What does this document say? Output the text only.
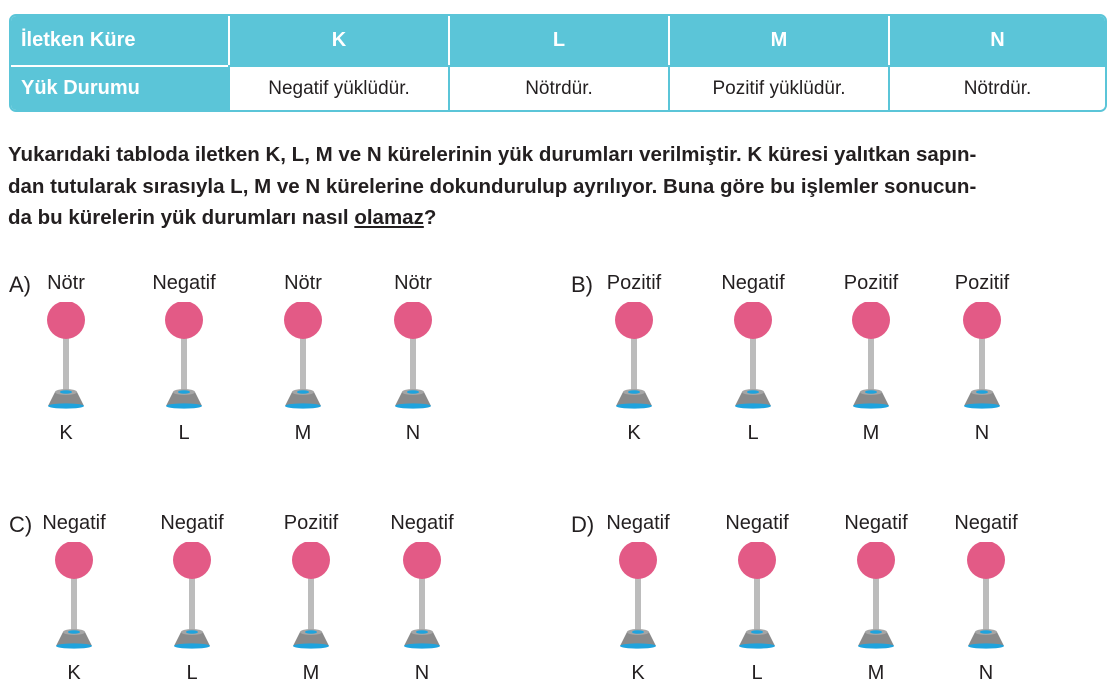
İletken Küre	K	L	M	N
Yük Durumu	Negatif yüklüdür.	Nötrdür.	Pozitif yüklüdür.	Nötrdür.

Yukarıdaki tabloda iletken K, L, M ve N kürelerinin yük durumları verilmiştir. K küresi yalıtkan sapın-
dan tutularak sırasıyla L, M ve N kürelerine dokundurulup ayrılıyor. Buna göre bu işlemler sonucun-
da bu kürelerin yük durumları nasıl olamaz?

A) Nötr
K
Negatif
L
Nötr
M
Nötr
N
B) Pozitif
K
Negatif
L
Pozitif
M
Pozitif
N
C) Negatif
K
Negatif
L
Pozitif
M
Negatif
N
D) Negatif
K
Negatif
L
Negatif
M
Negatif
N
